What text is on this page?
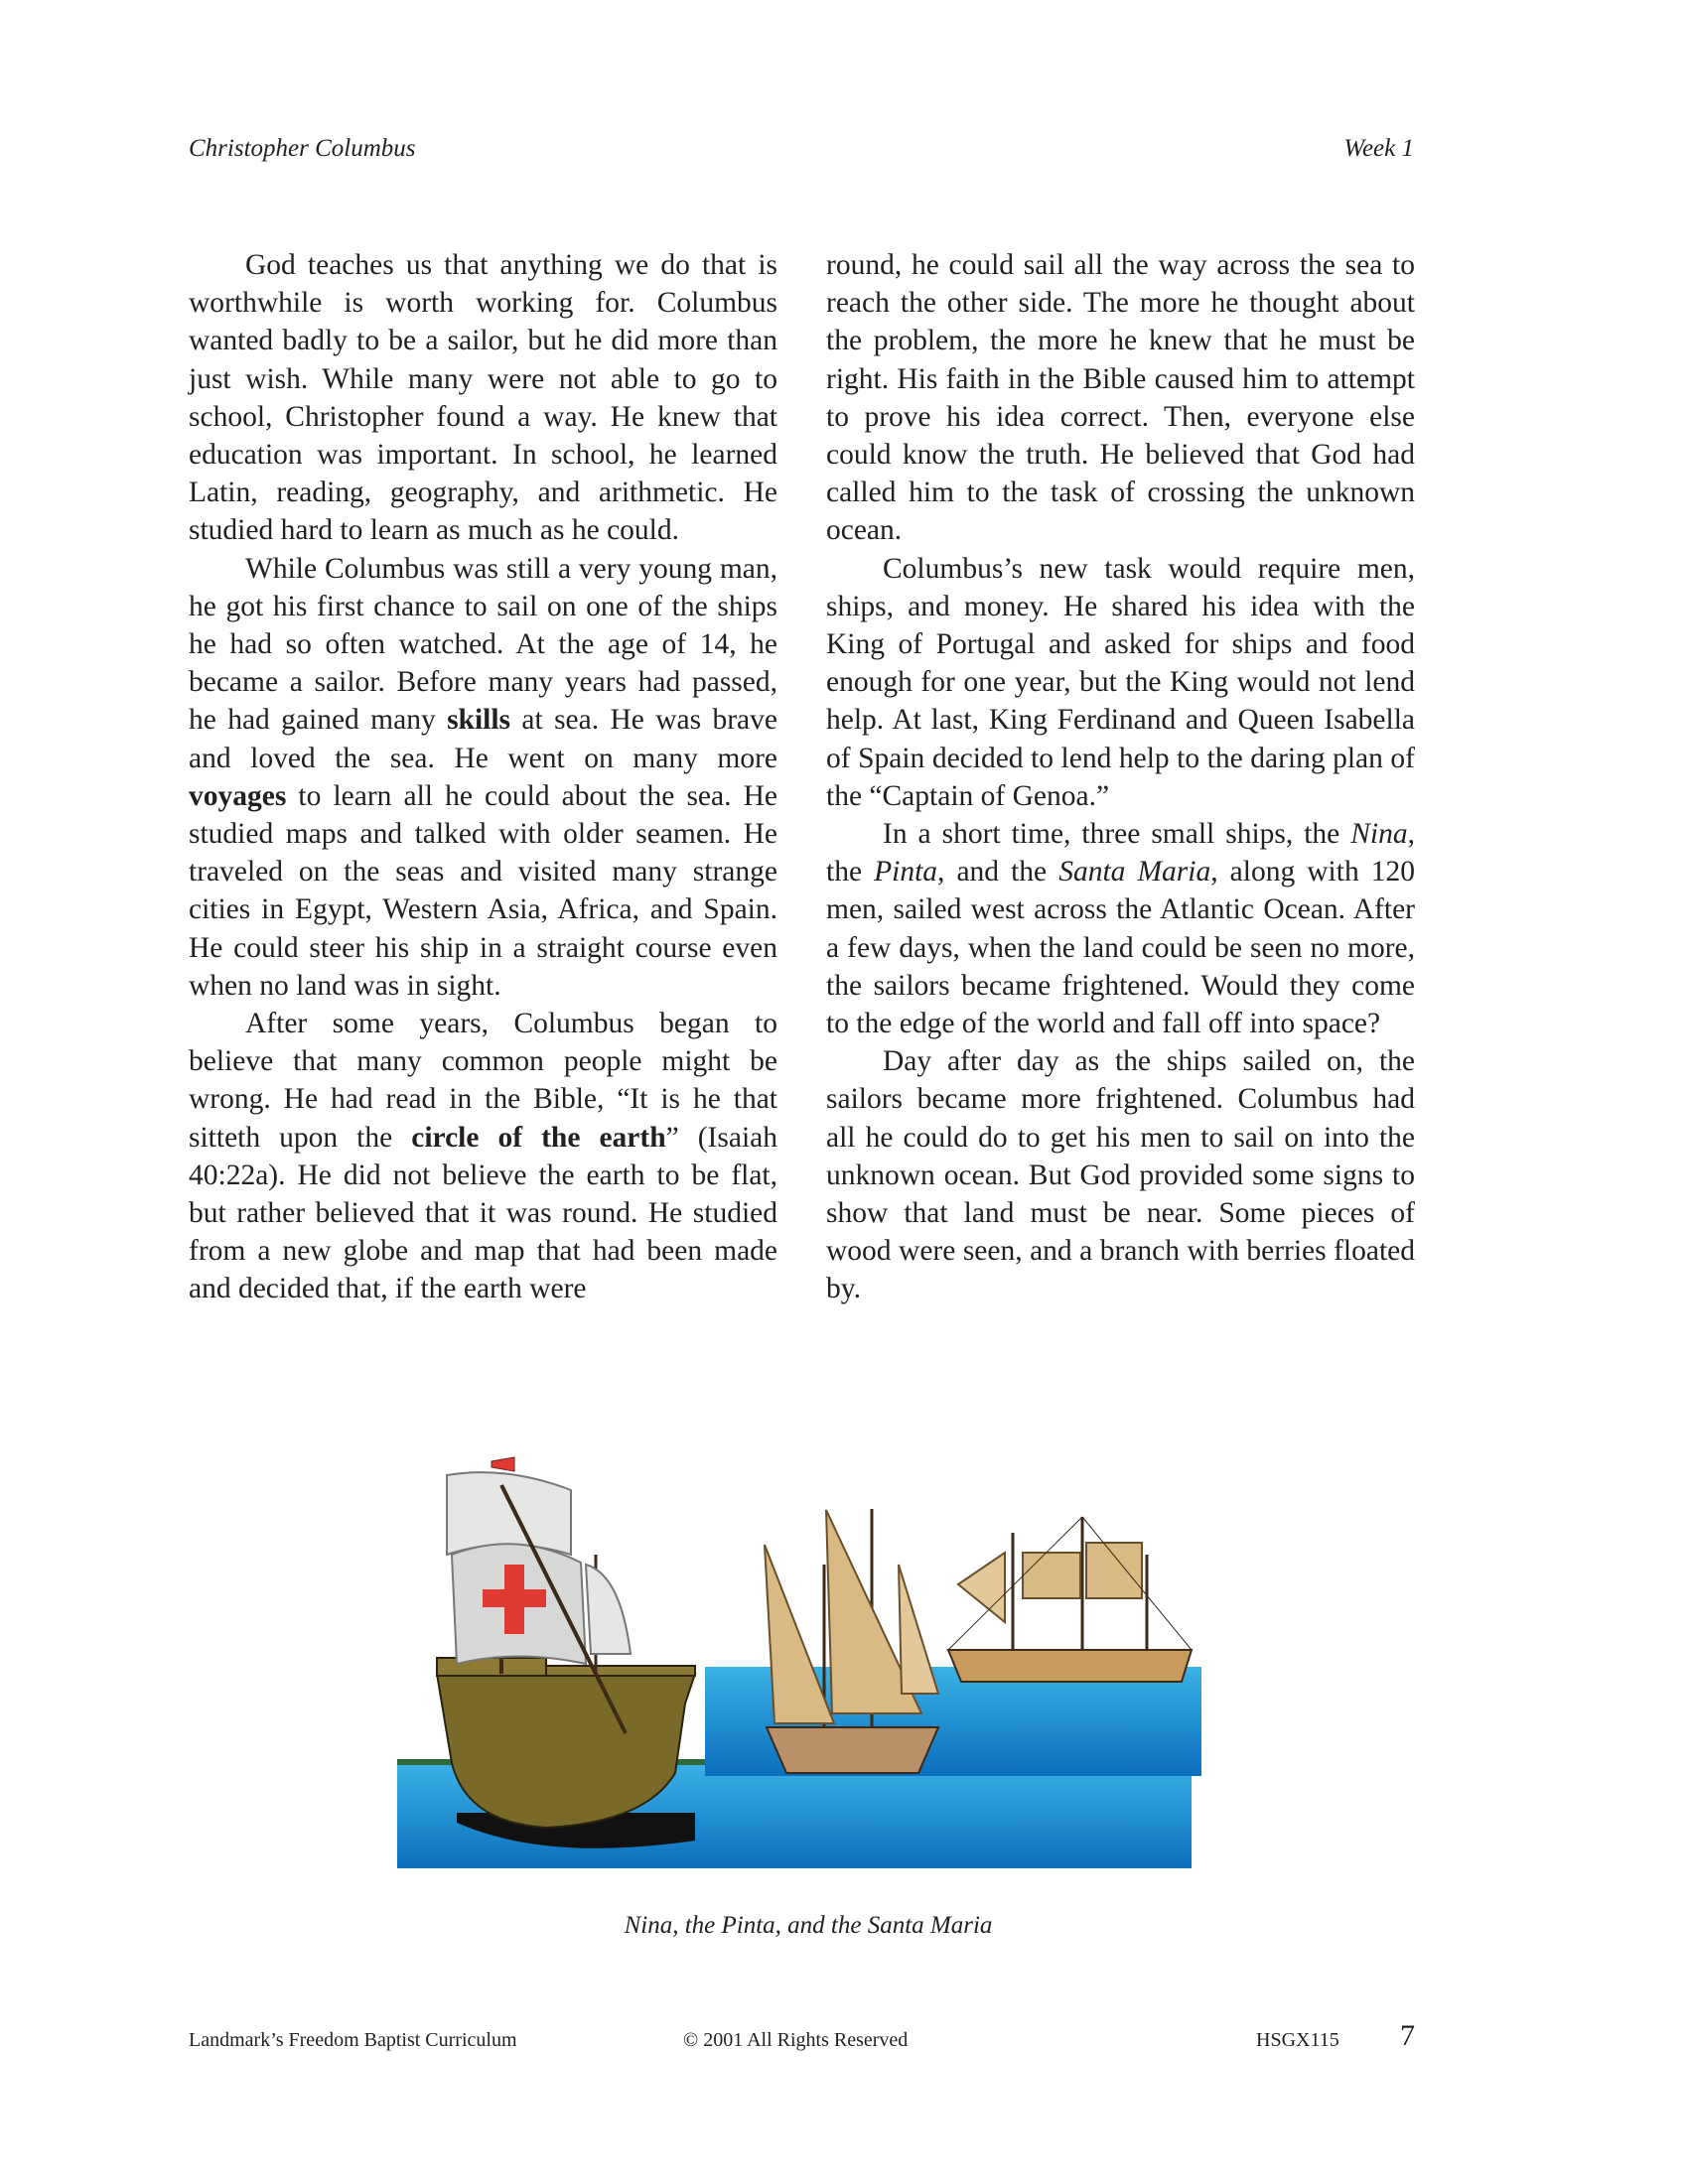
Christopher Columbus	Week 1

God teaches us that anything we do that is worthwhile is worth working for. Columbus wanted badly to be a sailor, but he did more than just wish. While many were not able to go to school, Christopher found a way. He knew that education was important. In school, he learned Latin, reading, geography, and arithmetic. He studied hard to learn as much as he could.

While Columbus was still a very young man, he got his first chance to sail on one of the ships he had so often watched. At the age of 14, he became a sailor. Before many years had passed, he had gained many skills at sea. He was brave and loved the sea. He went on many more voyages to learn all he could about the sea. He studied maps and talked with older seamen. He traveled on the seas and visited many strange cities in Egypt, Western Asia, Africa, and Spain. He could steer his ship in a straight course even when no land was in sight.

After some years, Columbus began to believe that many common people might be wrong. He had read in the Bible, “It is he that sitteth upon the circle of the earth” (Isaiah 40:22a). He did not believe the earth to be flat, but rather believed that it was round. He studied from a new globe and map that had been made and decided that, if the earth were

round, he could sail all the way across the sea to reach the other side. The more he thought about the problem, the more he knew that he must be right. His faith in the Bible caused him to attempt to prove his idea correct. Then, everyone else could know the truth. He believed that God had called him to the task of crossing the unknown ocean.

Columbus’s new task would require men, ships, and money. He shared his idea with the King of Portugal and asked for ships and food enough for one year, but the King would not lend help. At last, King Ferdinand and Queen Isabella of Spain decided to lend help to the daring plan of the “Captain of Genoa.”

In a short time, three small ships, the Nina, the Pinta, and the Santa Maria, along with 120 men, sailed west across the Atlantic Ocean. After a few days, when the land could be seen no more, the sailors became frightened. Would they come to the edge of the world and fall off into space?

Day after day as the ships sailed on, the sailors became more frightened. Columbus had all he could do to get his men to sail on into the unknown ocean. But God provided some signs to show that land must be near. Some pieces of wood were seen, and a branch with berries floated by.

Nina, the Pinta, and the Santa Maria
Landmark’s Freedom Baptist Curriculum	© 2001 All Rights Reserved	HSGX115 7
